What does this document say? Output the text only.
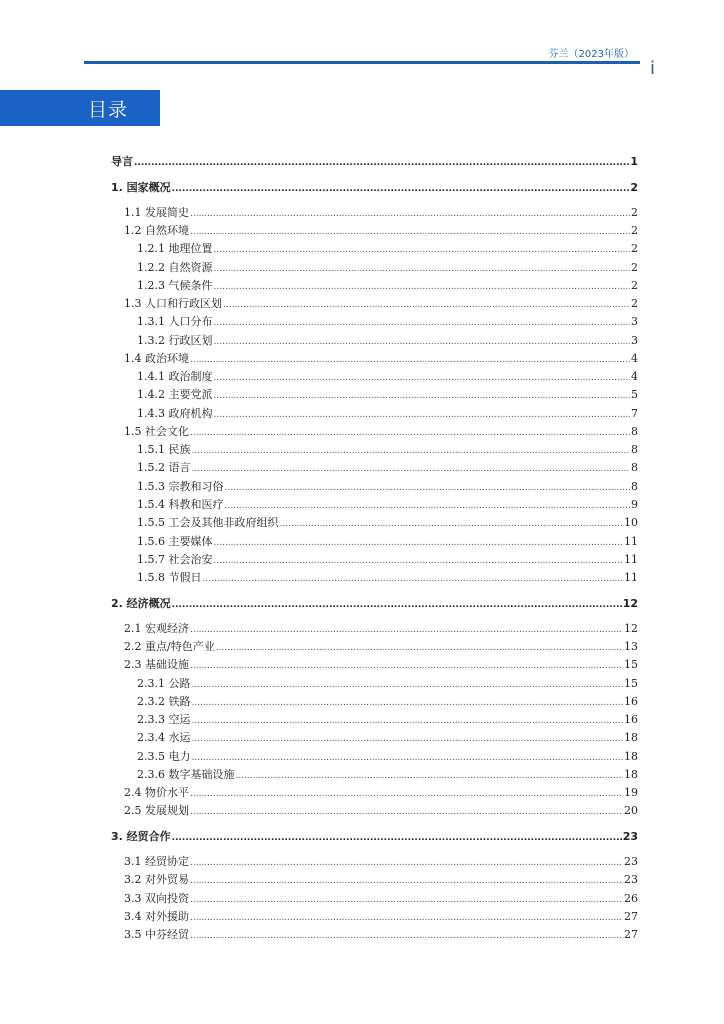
芬兰（2023年版）
i
目录
导言 .....	1
1. 国家概况 .....	2
1.1 发展简史 .....	2
1.2 自然环境 .....	2
1.2.1 地理位置 .....	2
1.2.2 自然资源 .....	2
1.2.3 气候条件 .....	2
1.3 人口和行政区划 .....	2
1.3.1 人口分布 .....	3
1.3.2 行政区划 .....	3
1.4 政治环境 .....	4
1.4.1 政治制度 .....	4
1.4.2 主要党派 .....	5
1.4.3 政府机构 .....	7
1.5 社会文化 .....	8
1.5.1 民族 .....	8
1.5.2 语言 .....	8
1.5.3 宗教和习俗 .....	8
1.5.4 科教和医疗 .....	9
1.5.5 工会及其他非政府组织 .....	10
1.5.6 主要媒体 .....	11
1.5.7 社会治安 .....	11
1.5.8 节假日 .....	11
2. 经济概况 .....	12
2.1 宏观经济 .....	12
2.2 重点/特色产业 .....	13
2.3 基础设施 .....	15
2.3.1 公路 .....	15
2.3.2 铁路 .....	16
2.3.3 空运 .....	16
2.3.4 水运 .....	18
2.3.5 电力 .....	18
2.3.6 数字基础设施 .....	18
2.4 物价水平 .....	19
2.5 发展规划 .....	20
3. 经贸合作 .....	23
3.1 经贸协定 .....	23
3.2 对外贸易 .....	23
3.3 双向投资 .....	26
3.4 对外援助 .....	27
3.5 中芬经贸 .....	27
